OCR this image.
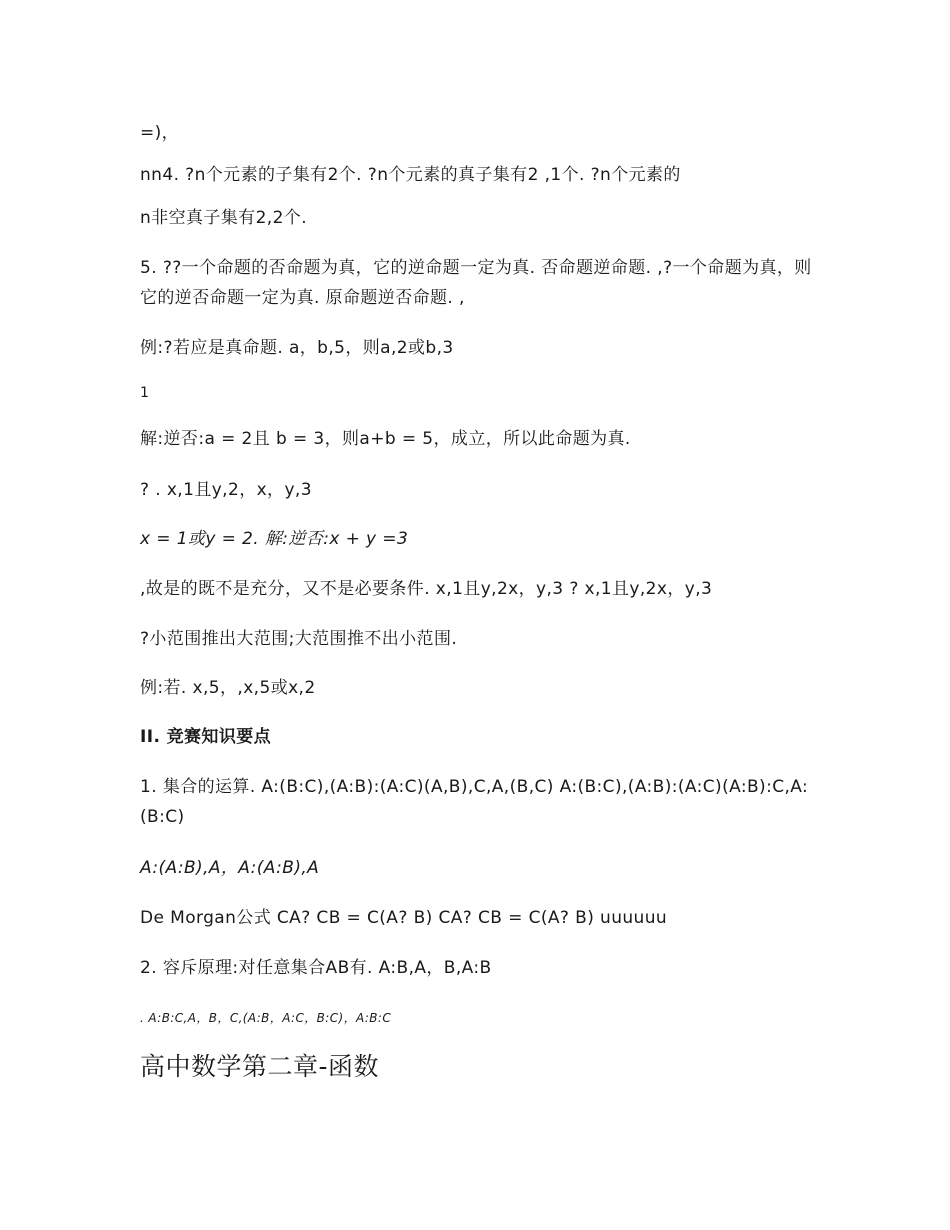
=)，
nn4. ?n个元素的子集有2个. ?n个元素的真子集有2 ,1个. ?n个元素的
n非空真子集有2,2个.
5. ??一个命题的否命题为真，它的逆命题一定为真. 否命题逆命题. ,?一个命题为真，则它的逆否命题一定为真. 原命题逆否命题. ,
例:?若应是真命题. a，b,5，则a,2或b,3
1
解:逆否:a = 2且 b = 3，则a+b = 5，成立，所以此命题为真.
? . x,1且y,2，x，y,3
x = 1或y = 2. 解:逆否:x + y =3
,故是的既不是充分，又不是必要条件. x,1且y,2x，y,3 ? x,1且y,2x，y,3
?小范围推出大范围;大范围推不出小范围.
例:若. x,5，,x,5或x,2
II. 竞赛知识要点
1. 集合的运算. A:(B:C),(A:B):(A:C)(A,B),C,A,(B,C) A:(B:C),(A:B):(A:C)(A:B):C,A:(B:C)
A:(A:B),A，A:(A:B),A
De Morgan公式 CA? CB = C(A? B) CA? CB = C(A? B) uuuuuu
2. 容斥原理:对任意集合AB有. A:B,A，B,A:B
. A:B:C,A，B，C,(A:B，A:C，B:C)，A:B:C
高中数学第二章-函数
